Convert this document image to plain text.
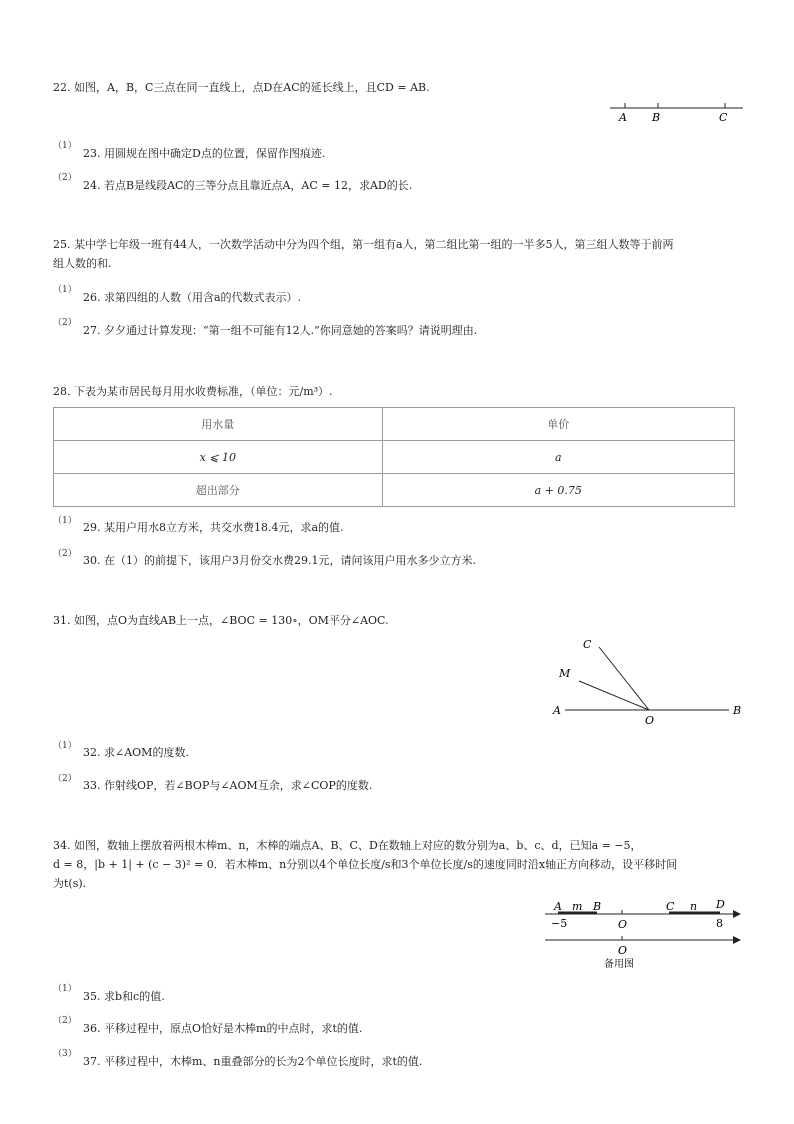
22. 如图，A，B，C三点在同一直线上，点D在AC的延长线上，且CD = AB.
A B	C
（1）
23. 用圆规在图中确定D点的位置，保留作图痕迹.
（2）
24. 若点B是线段AC的三等分点且靠近点A，AC = 12，求AD的长.
25. 某中学七年级一班有44人，一次数学活动中分为四个组，第一组有a人，第二组比第一组的一半多5人，第三组人数等于前两
组人数的和.
（1）
26. 求第四组的人数（用含a的代数式表示）.
（2）
27. 夕夕通过计算发现：“第一组不可能有12人.”你同意她的答案吗？请说明理由.
28. 下表为某市居民每月用水收费标准，（单位：元/m³）.
用水量	单价
x ⩽ 10	a
超出部分	a + 0.75
（1） 29. 某用户用水8立方米，共交水费18.4元，求a的值.
（2） 30. 在（1）的前提下，该用户3月份交水费29.1元，请问该用户用水多少立方米.
31. 如图，点O为直线AB上一点，∠BOC = 130∘，OM平分∠AOC.
C
M
A
O
B
（1） 32. 求∠AOM的度数.
（2） 33. 作射线OP，若∠BOP与∠AOM互余，求∠COP的度数.
34. 如图，数轴上摆放着两根木棒m、n，木棒的端点A、B、C、D在数轴上对应的数分别为a、b、c、d，已知a = −5，
d = 8，|b + 1| + (c − 3)² = 0．若木棒m、n分别以4个单位长度/s和3个单位长度/s的速度同时沿x轴正方向移动，设平移时间
为t(s).
A m B
O
C n D
−5	8
O
备用图
（1）
35. 求b和c的值.
（2）
36. 平移过程中，原点O恰好是木棒m的中点时，求t的值.
（3）
37. 平移过程中，木棒m、n重叠部分的长为2个单位长度时，求t的值.
